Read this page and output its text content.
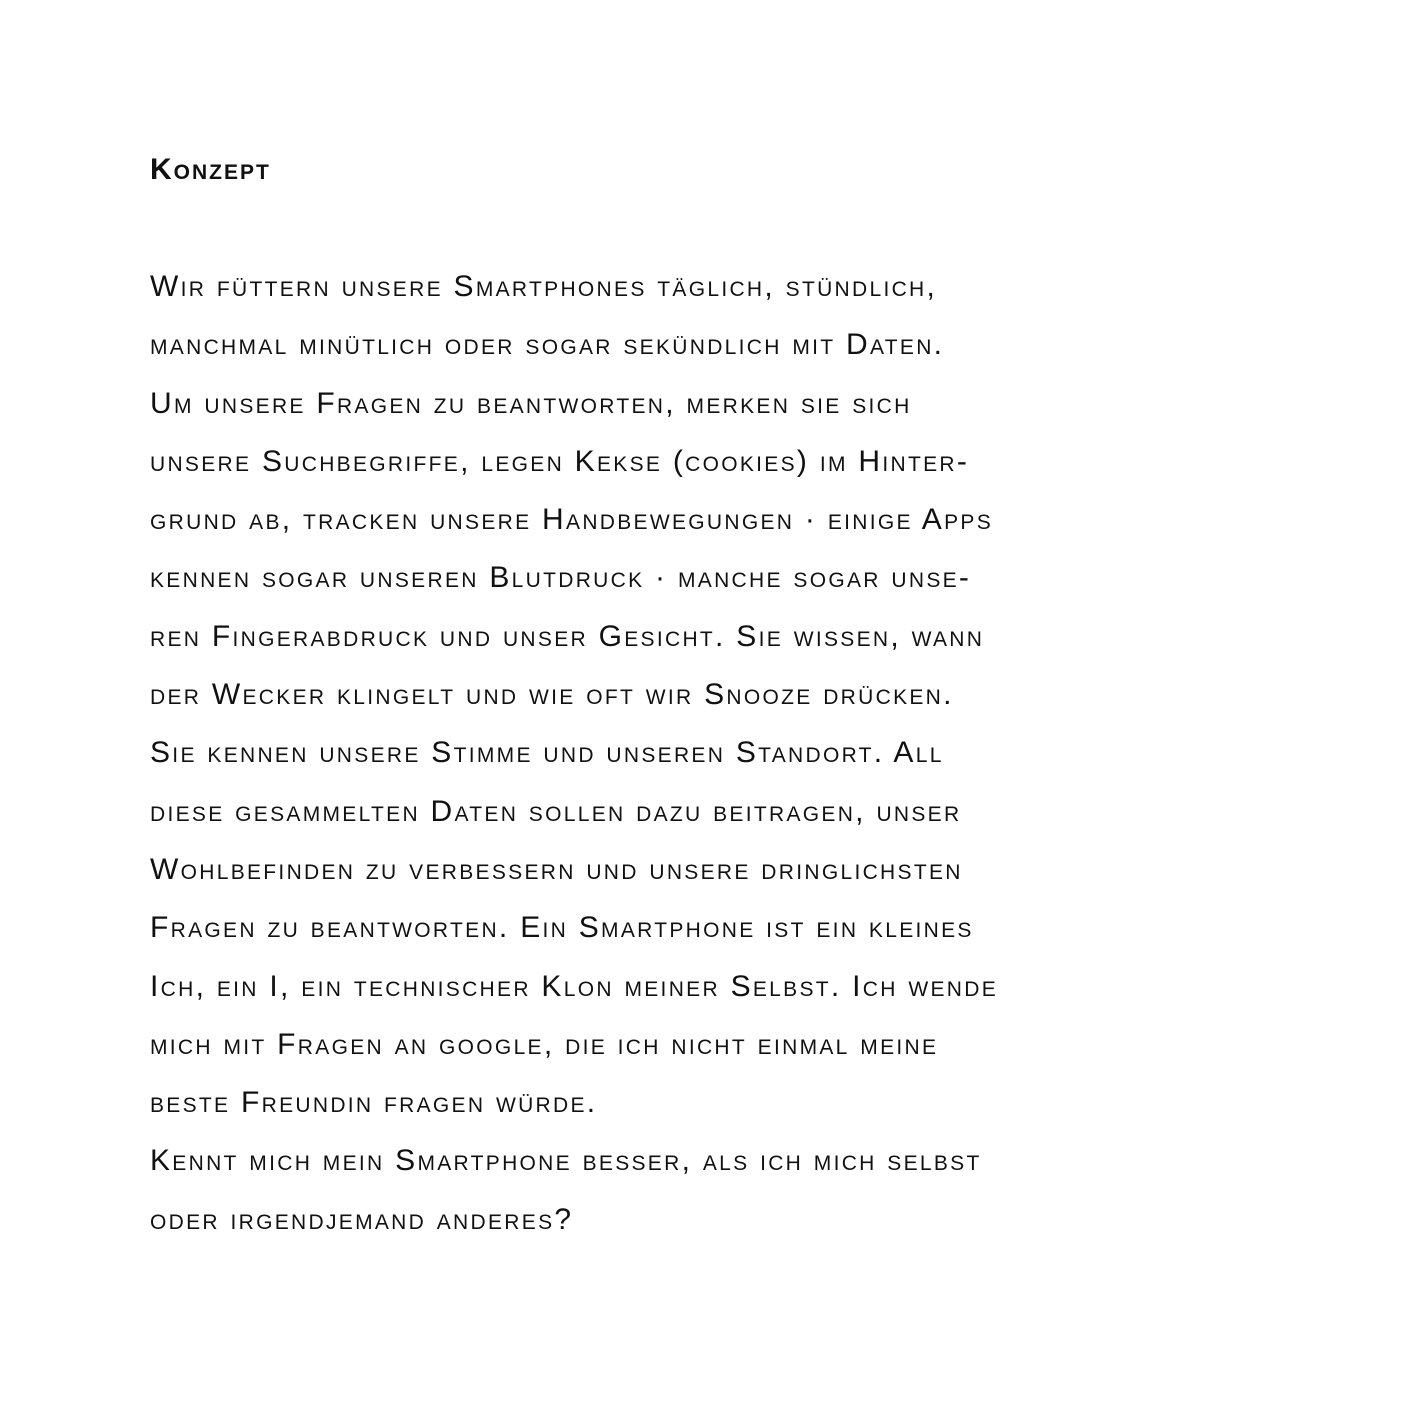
Konzept
Wir füttern unsere Smartphones täglich, stündlich,
manchmal minütlich oder sogar sekündlich mit Daten.
Um unsere Fragen zu beantworten, merken sie sich
unsere Suchbegriffe, legen Kekse (cookies) im Hinter-
grund ab, tracken unsere Handbewegungen · einige Apps
kennen sogar unseren Blutdruck · manche sogar unse-
ren Fingerabdruck und unser Gesicht. Sie wissen, wann
der Wecker klingelt und wie oft wir Snooze drücken.
Sie kennen unsere Stimme und unseren Standort. All
diese gesammelten Daten sollen dazu beitragen, unser
Wohlbefinden zu verbessern und unsere dringlichsten
Fragen zu beantworten. Ein Smartphone ist ein kleines
Ich, ein I, ein technischer Klon meiner Selbst. Ich wende
mich mit Fragen an google, die ich nicht einmal meine
beste Freundin fragen würde.
Kennt mich mein Smartphone besser, als ich mich selbst
oder irgendjemand anderes?
